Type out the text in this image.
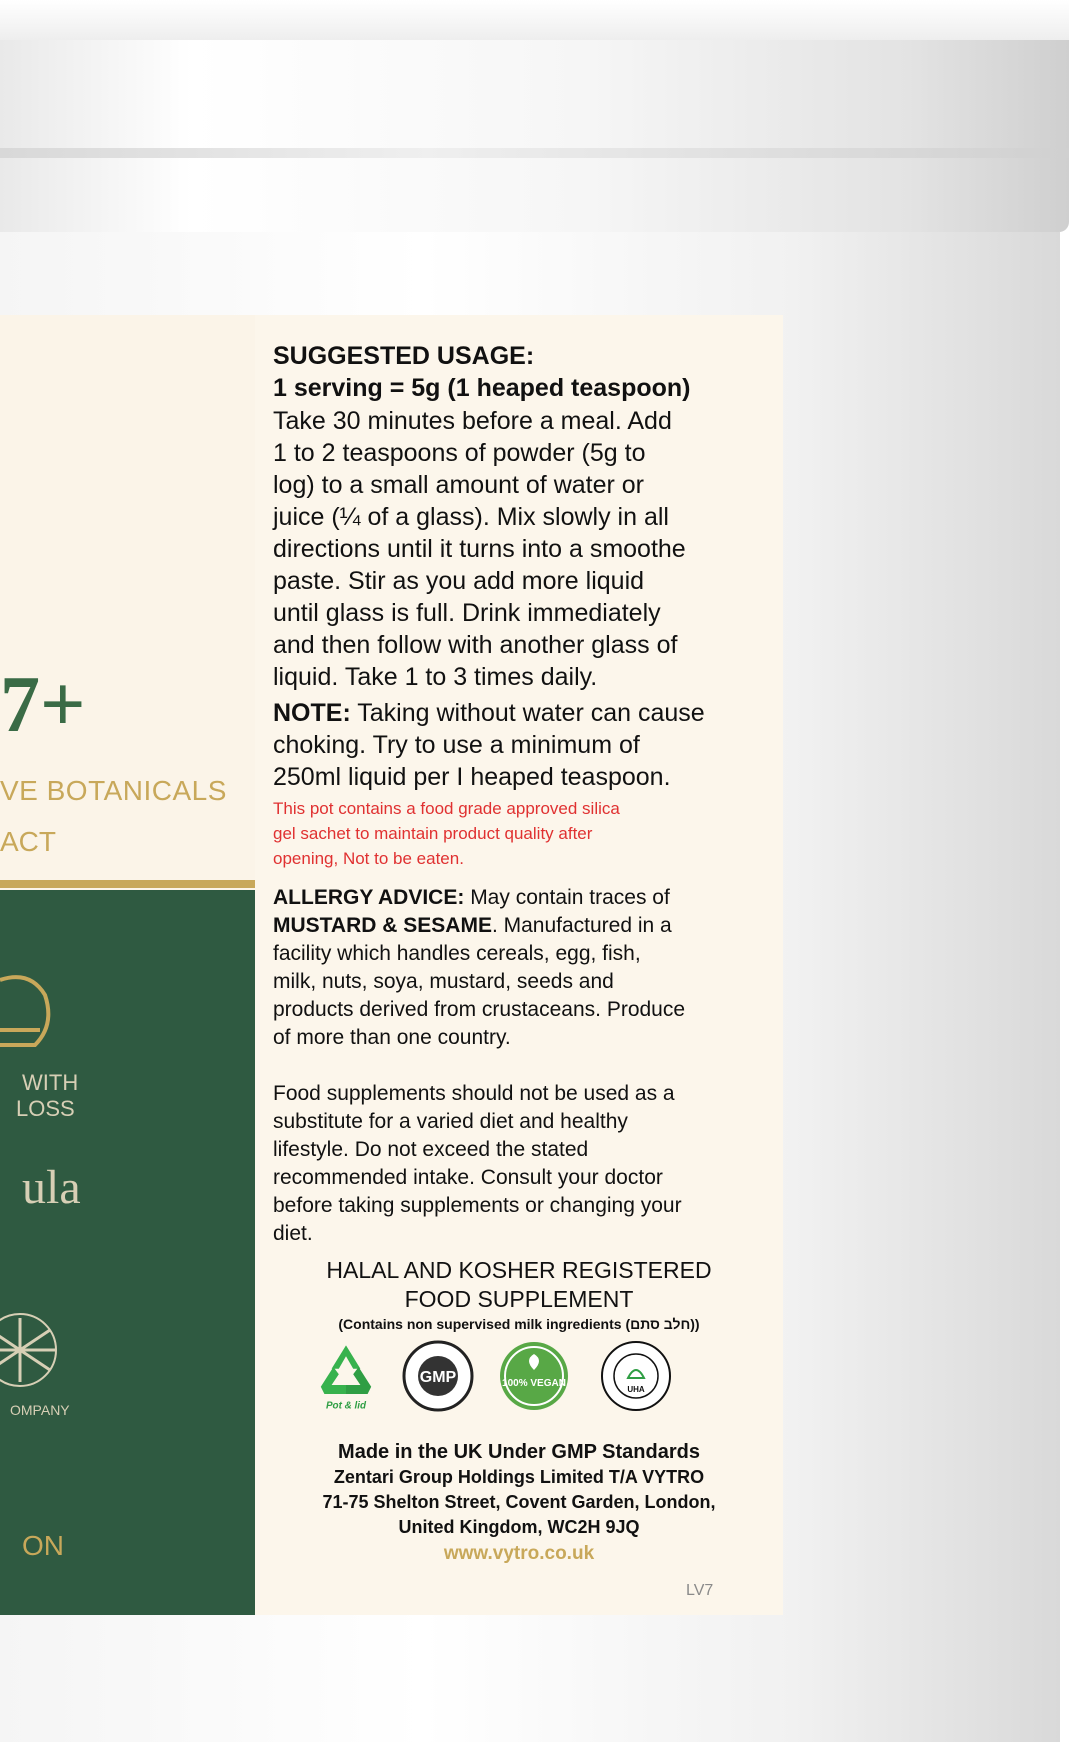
7+
VE BOTANICALS
ACT
WITH
LOSS
ula
OMPANY
ON
SUGGESTED USAGE:
1 serving = 5g (1 heaped teaspoon)
Take 30 minutes before a meal. Add
1 to 2 teaspoons of powder (5g to
log) to a small amount of water or
juice (¼ of a glass). Mix slowly in all
directions until it turns into a smoothe
paste. Stir as you add more liquid
until glass is full. Drink immediately
and then follow with another glass of
liquid. Take 1 to 3 times daily.
NOTE: Taking without water can cause
choking. Try to use a minimum of
250ml liquid per I heaped teaspoon.
This pot contains a food grade approved silica
gel sachet to maintain product quality after
opening, Not to be eaten.
ALLERGY ADVICE: May contain traces of
MUSTARD & SESAME. Manufactured in a
facility which handles cereals, egg, fish,
milk, nuts, soya, mustard, seeds and
products derived from crustaceans. Produce
of more than one country.
Food supplements should not be used as a
substitute for a varied diet and healthy
lifestyle. Do not exceed the stated
recommended intake. Consult your doctor
before taking supplements or changing your
diet.
HALAL AND KOSHER REGISTERED
FOOD SUPPLEMENT
(Contains non supervised milk ingredients (חלב סתם))
Pot & lid
GMP	100% VEGAN
UHA
Made in the UK Under GMP Standards
Zentari Group Holdings Limited T/A VYTRO
71-75 Shelton Street, Covent Garden, London,
United Kingdom, WC2H 9JQ
www.vytro.co.uk
LV7
